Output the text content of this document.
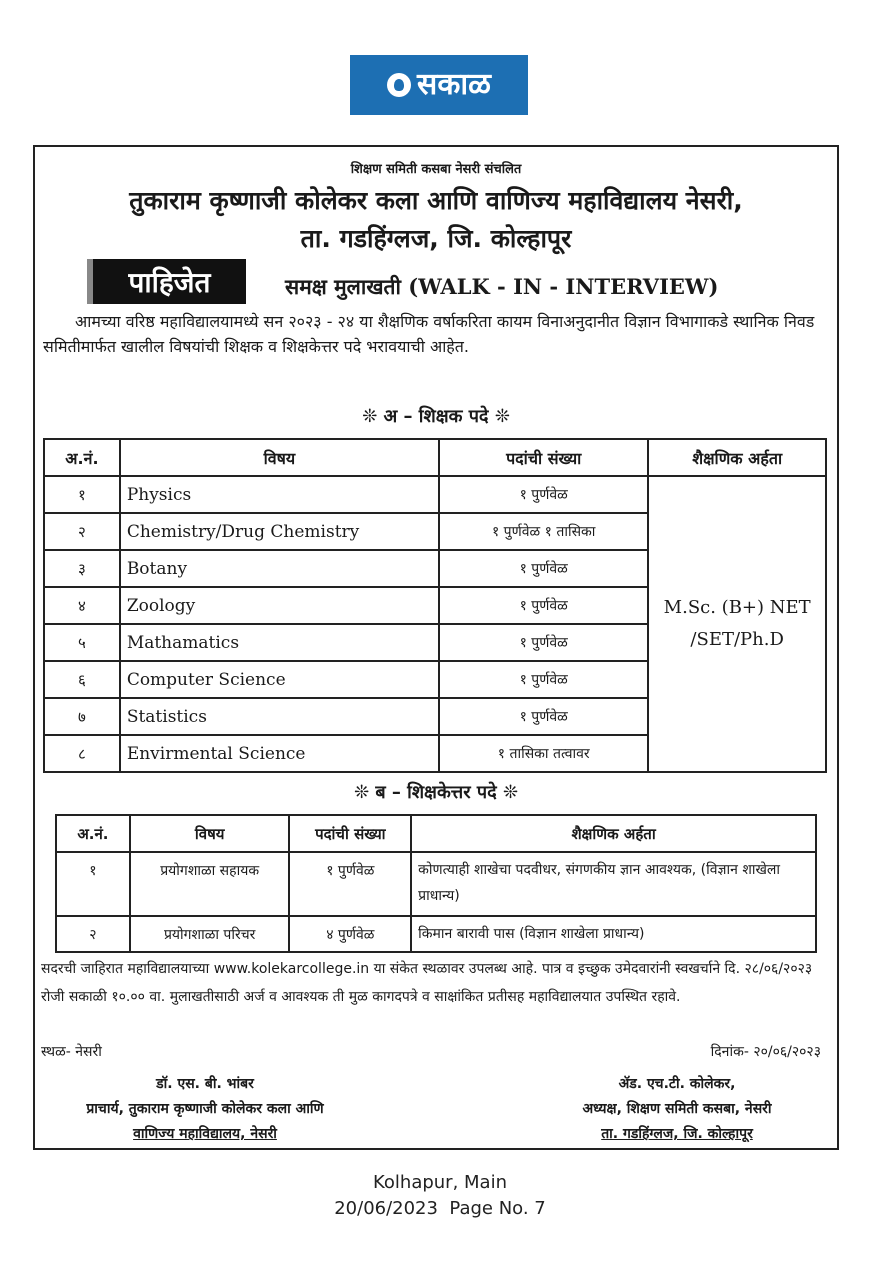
सकाळ
शिक्षण समिती कसबा नेसरी संचलित
तुकाराम कृष्णाजी कोलेकर कला आणि वाणिज्य महाविद्यालय नेसरी,
ता. गडहिंग्लज, जि. कोल्हापूर
पाहिजेत	समक्ष मुलाखती (WALK - IN - INTERVIEW)

आमच्या वरिष्ठ महाविद्यालयामध्ये सन २०२३ - २४ या शैक्षणिक वर्षाकरिता कायम विनाअनुदानीत विज्ञान विभागाकडे स्थानिक निवड समितीमार्फत खालील विषयांची शिक्षक व शिक्षकेत्तर पदे भरावयाची आहेत.

❊ अ – शिक्षक पदे ❊
अ.नं.	विषय	पदांची संख्या	शैक्षणिक अर्हता
१	Physics	१ पुर्णवेळ	M.Sc. (B+) NET
/SET/Ph.D

२	Chemistry/Drug Chemistry	१ पुर्णवेळ १ तासिका	
३	Botany	१ पुर्णवेळ	
४	Zoology	१ पुर्णवेळ	
५	Mathamatics	१ पुर्णवेळ	
६	Computer Science	१ पुर्णवेळ	
७	Statistics	१ पुर्णवेळ	
८	Envirmental Science	१ तासिका तत्वावर	
❊ ब – शिक्षकेत्तर पदे ❊
अ.नं.	विषय	पदांची संख्या	शैक्षणिक अर्हता
१	प्रयोगशाळा सहायक	१ पुर्णवेळ	कोणत्याही शाखेचा पदवीधर, संगणकीय ज्ञान आवश्यक, (विज्ञान शाखेला प्राधान्य)
२	प्रयोगशाळा परिचर	४ पुर्णवेळ	किमान बारावी पास (विज्ञान शाखेला प्राधान्य)

सदरची जाहिरात महाविद्यालयाच्या www.kolekarcollege.in या संकेत स्थळावर उपलब्ध आहे. पात्र व इच्छुक उमेदवारांनी स्वखर्चाने दि. २८/०६/२०२३ रोजी सकाळी १०.०० वा. मुलाखतीसाठी अर्ज व आवश्यक ती मुळ कागदपत्रे व साक्षांकित प्रतीसह महाविद्यालयात उपस्थित रहावे.

स्थळ- नेसरी	दिनांक- २०/०६/२०२३
डॉ. एस. बी. भांबर
प्राचार्य, तुकाराम कृष्णाजी कोलेकर कला आणि
वाणिज्य महाविद्यालय, नेसरी
ॲड. एच.टी. कोलेकर,
अध्यक्ष, शिक्षण समिती कसबा, नेसरी
ता. गडहिंग्लज, जि. कोल्हापूर
Kolhapur, Main
20/06/2023  Page No. 7
